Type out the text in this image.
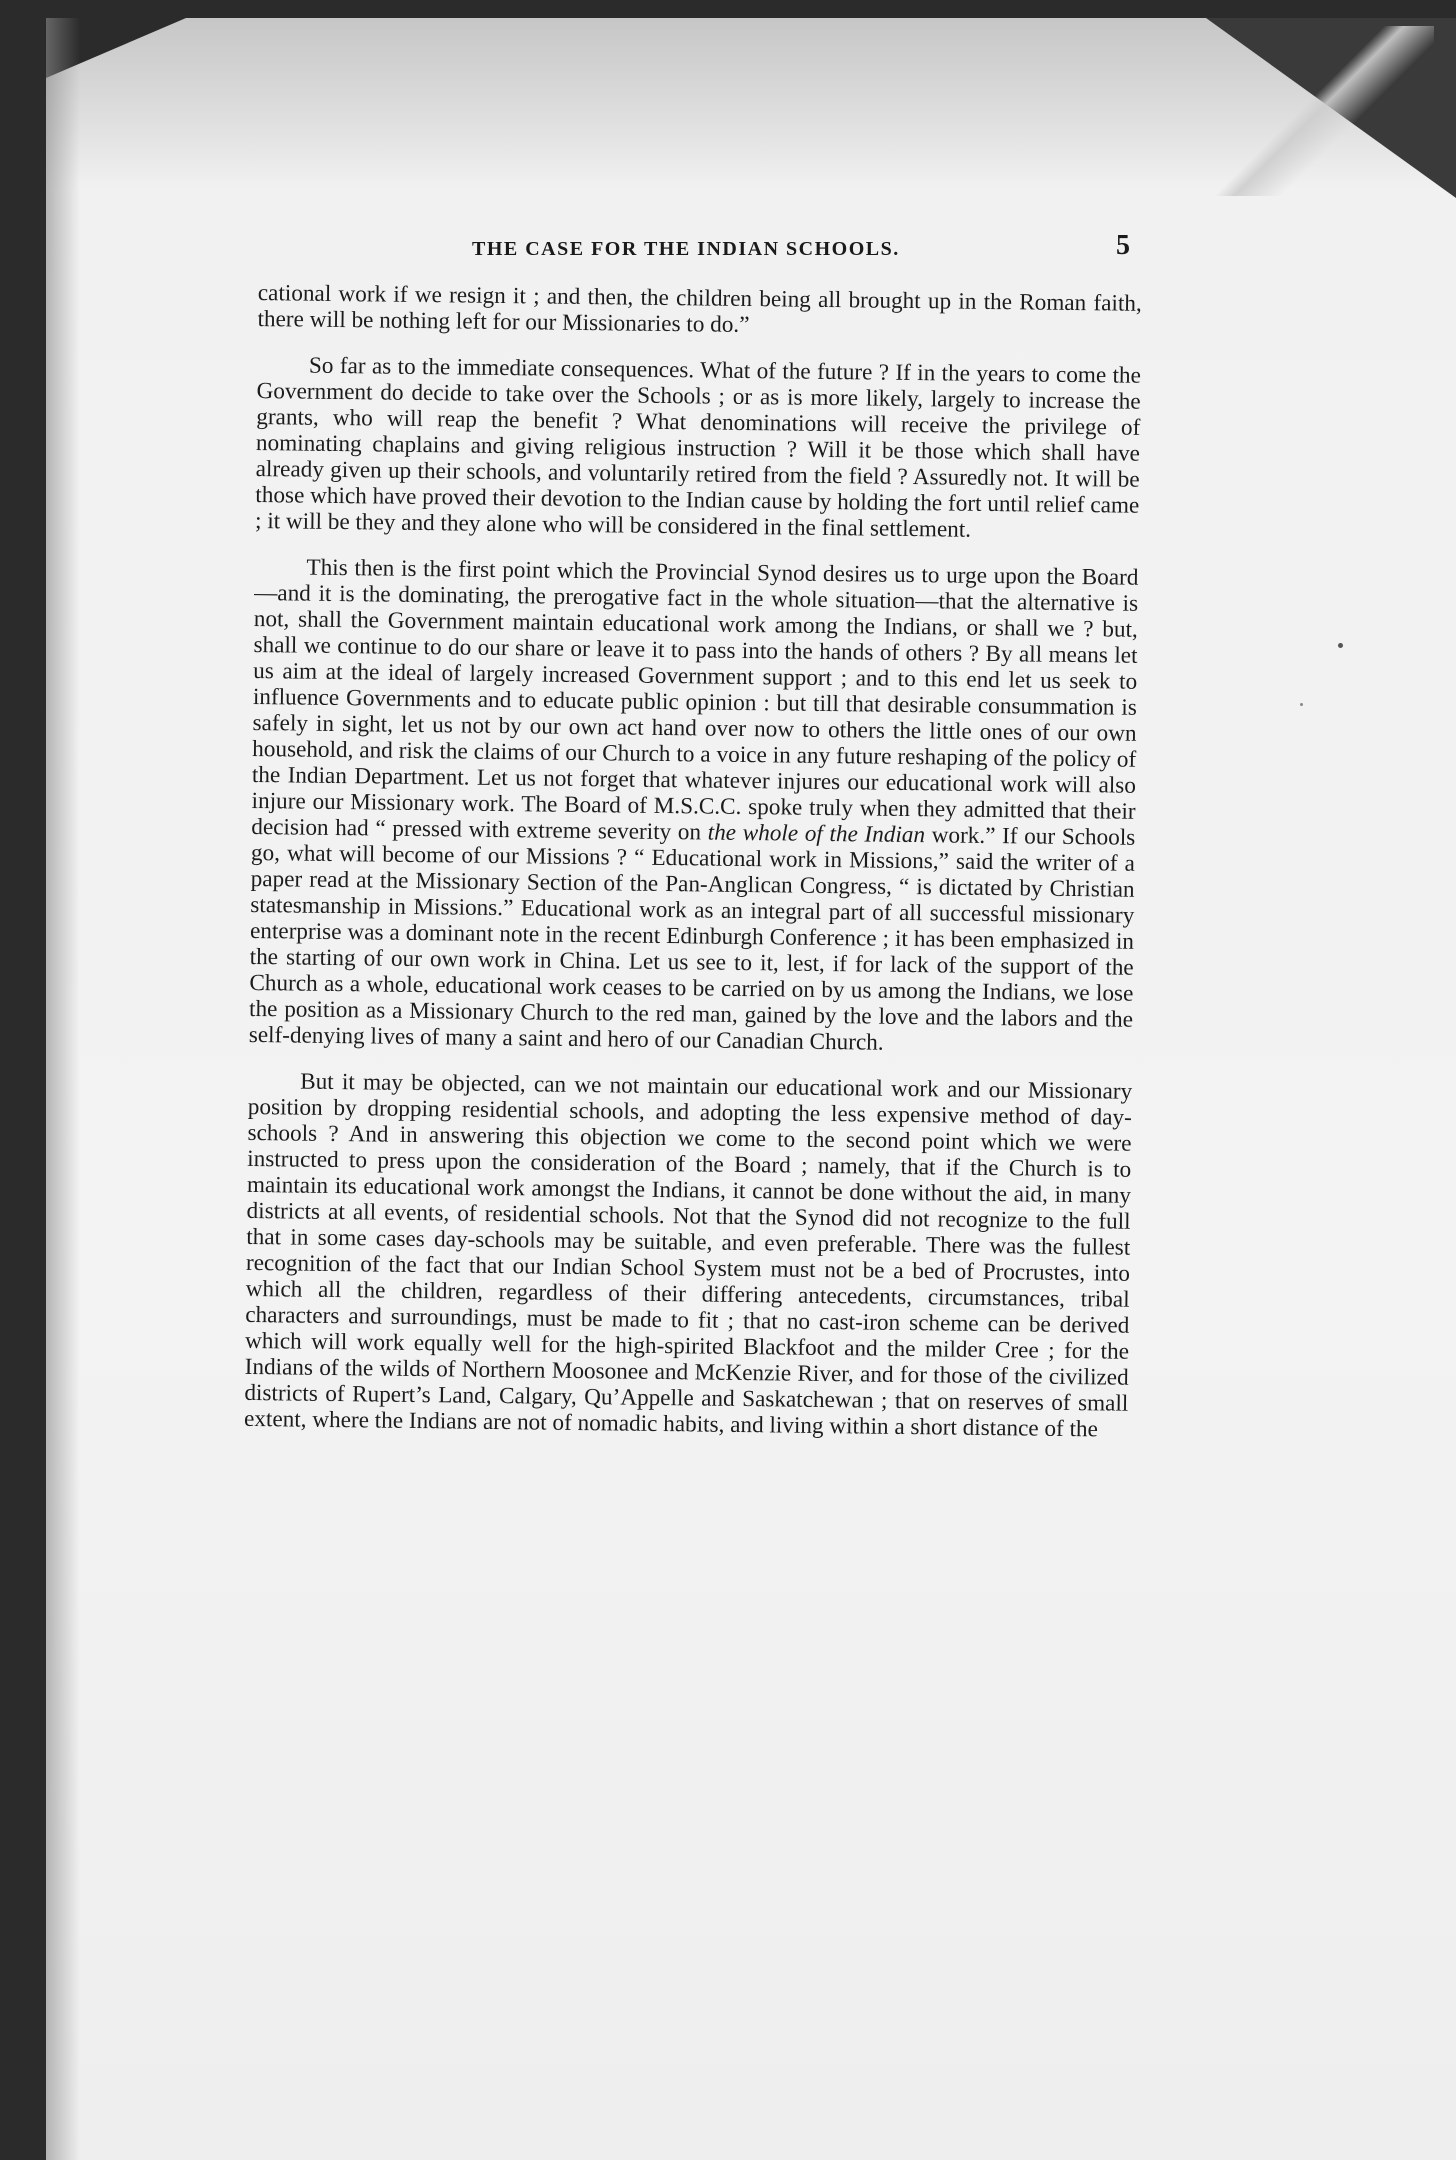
THE CASE FOR THE INDIAN SCHOOLS.	5

cational work if we resign it ; and then, the children being all brought up in the Roman faith, there will be nothing left for our Missionaries to do.”

So far as to the immediate consequences. What of the future ? If in the years to come the Government do decide to take over the Schools ; or as is more likely, largely to increase the grants, who will reap the benefit ? What denominations will receive the privilege of nominating chaplains and giving religious instruction ? Will it be those which shall have already given up their schools, and voluntarily retired from the field ? Assuredly not. It will be those which have proved their devotion to the Indian cause by holding the fort until relief came ; it will be they and they alone who will be considered in the final settlement.

This then is the first point which the Provincial Synod desires us to urge upon the Board—and it is the dominating, the prerogative fact in the whole situation—that the alternative is not, shall the Government maintain educational work among the Indians, or shall we ? but, shall we continue to do our share or leave it to pass into the hands of others ? By all means let us aim at the ideal of largely increased Government support ; and to this end let us seek to influence Governments and to educate public opinion : but till that desirable consummation is safely in sight, let us not by our own act hand over now to others the little ones of our own household, and risk the claims of our Church to a voice in any future reshaping of the policy of the Indian Department. Let us not forget that whatever injures our educational work will also injure our Missionary work. The Board of M.S.C.C. spoke truly when they admitted that their decision had “ pressed with extreme severity on the whole of the Indian work.” If our Schools go, what will become of our Missions ? “ Educational work in Missions,” said the writer of a paper read at the Missionary Section of the Pan-Anglican Congress, “ is dictated by Christian statesmanship in Missions.” Educational work as an integral part of all successful missionary enterprise was a dominant note in the recent Edinburgh Conference ; it has been emphasized in the starting of our own work in China. Let us see to it, lest, if for lack of the support of the Church as a whole, educational work ceases to be carried on by us among the Indians, we lose the position as a Missionary Church to the red man, gained by the love and the labors and the self-denying lives of many a saint and hero of our Canadian Church.

But it may be objected, can we not maintain our educational work and our Missionary position by dropping residential schools, and adopting the less expensive method of day-schools ? And in answering this objection we come to the second point which we were instructed to press upon the consideration of the Board ; namely, that if the Church is to maintain its educational work amongst the Indians, it cannot be done without the aid, in many districts at all events, of residential schools. Not that the Synod did not recognize to the full that in some cases day-schools may be suitable, and even preferable. There was the fullest recognition of the fact that our Indian School System must not be a bed of Procrustes, into which all the children, regardless of their differing antecedents, circumstances, tribal characters and surroundings, must be made to fit ; that no cast-iron scheme can be derived which will work equally well for the high-spirited Blackfoot and the milder Cree ; for the Indians of the wilds of Northern Moosonee and McKenzie River, and for those of the civilized districts of Rupert’s Land, Calgary, Qu’Appelle and Saskatchewan ; that on reserves of small extent, where the Indians are not of nomadic habits, and living within a short distance of the
